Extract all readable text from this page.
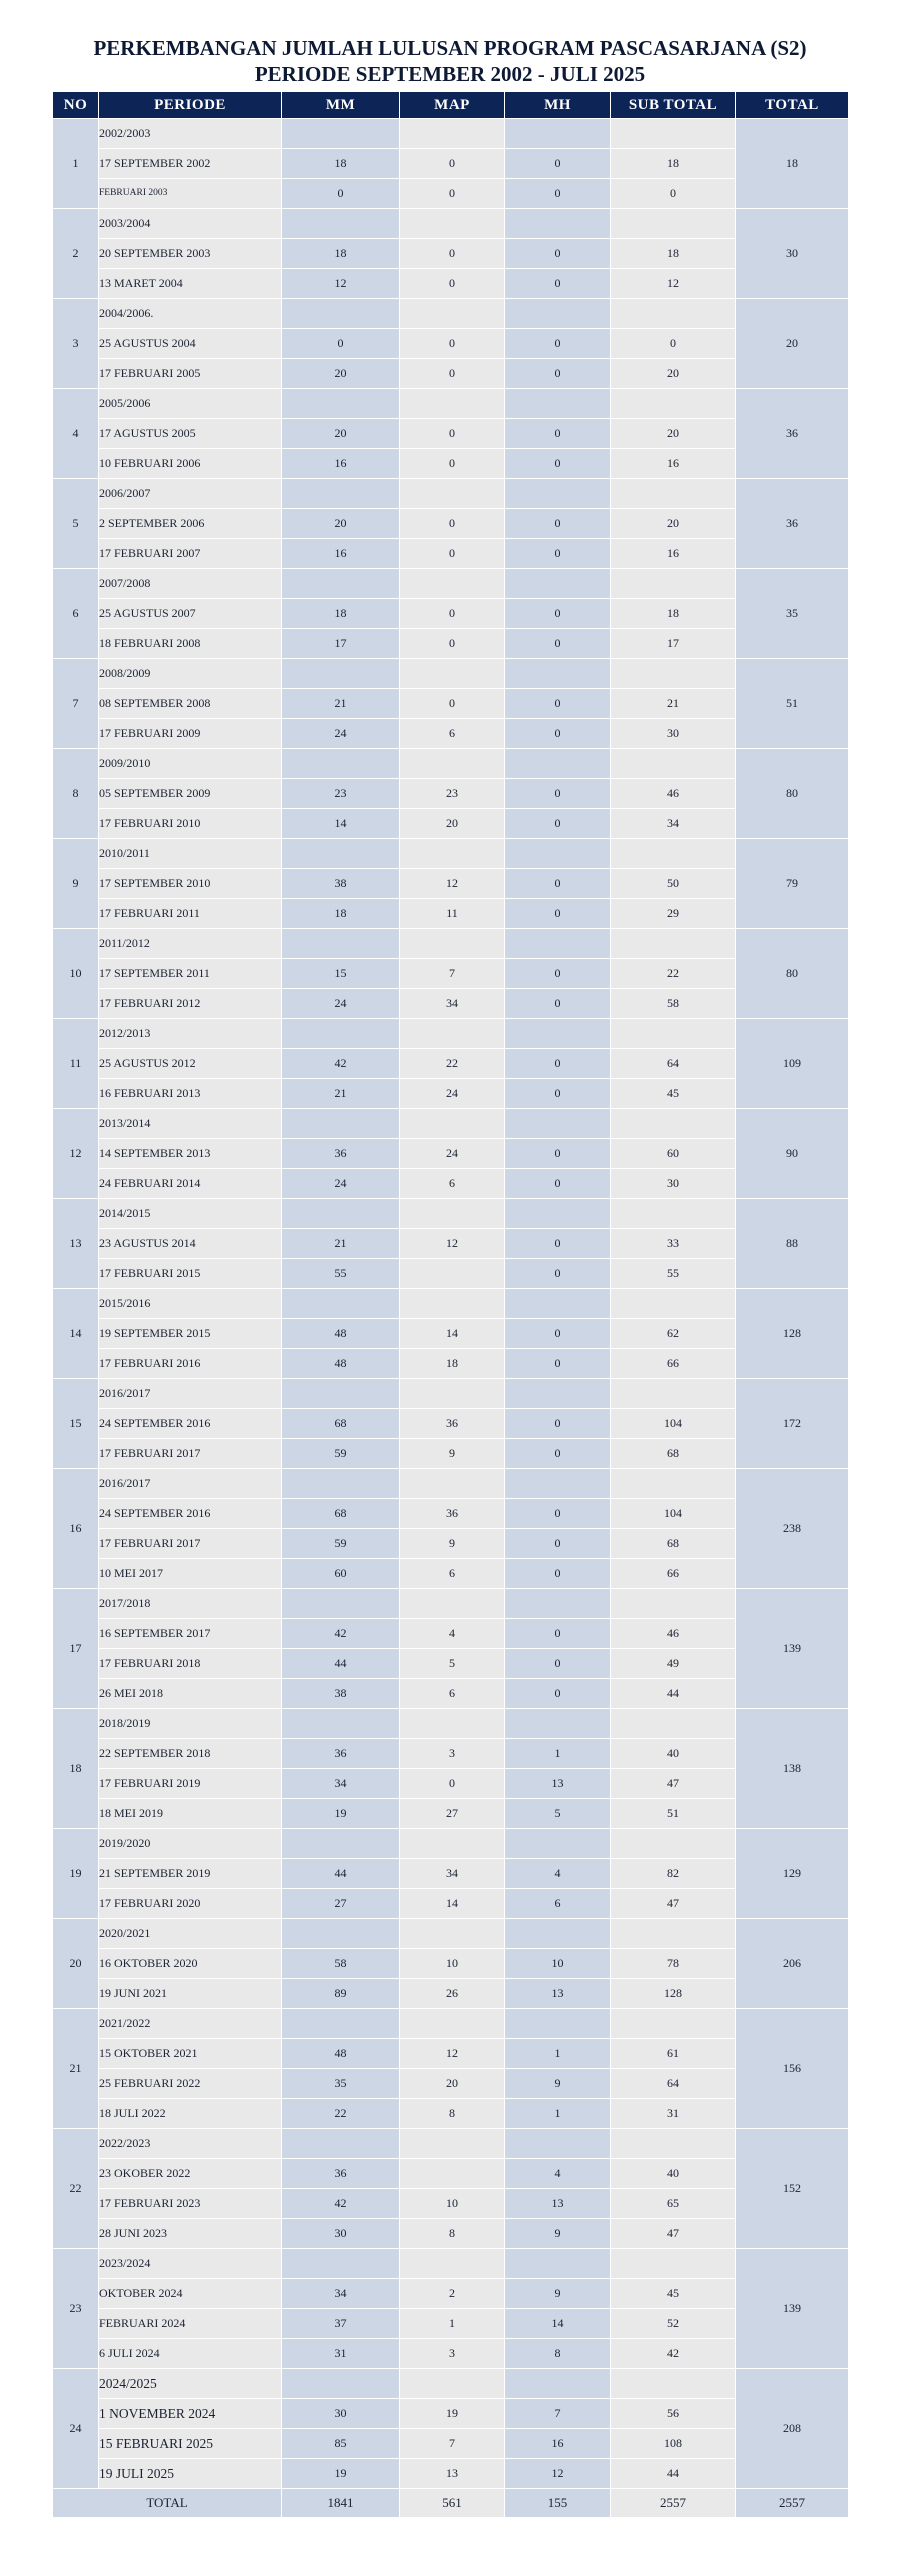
PERKEMBANGAN JUMLAH LULUSAN PROGRAM PASCASARJANA (S2)
PERIODE SEPTEMBER 2002 - JULI 2025
NO	PERIODE	MM	MAP	MH	SUB TOTAL	TOTAL
1	2002/2003					18
	17 SEPTEMBER 2002	18	0	0	18	
	FEBRUARI 2003	0	0	0	0	
2	2003/2004					30
	20 SEPTEMBER 2003	18	0	0	18	
	13 MARET 2004	12	0	0	12	
3	2004/2006.					20
	25 AGUSTUS 2004	0	0	0	0	
	17 FEBRUARI 2005	20	0	0	20	
4	2005/2006					36
	17 AGUSTUS 2005	20	0	0	20	
	10 FEBRUARI 2006	16	0	0	16	
5	2006/2007					36
	2 SEPTEMBER 2006	20	0	0	20	
	17 FEBRUARI 2007	16	0	0	16	
6	2007/2008					35
	25 AGUSTUS 2007	18	0	0	18	
	18 FEBRUARI 2008	17	0	0	17	
7	2008/2009					51
	08 SEPTEMBER 2008	21	0	0	21	
	17 FEBRUARI 2009	24	6	0	30	
8	2009/2010					80
	05 SEPTEMBER 2009	23	23	0	46	
	17 FEBRUARI 2010	14	20	0	34	
9	2010/2011					79
	17 SEPTEMBER 2010	38	12	0	50	
	17 FEBRUARI 2011	18	11	0	29	
10	2011/2012					80
	17 SEPTEMBER 2011	15	7	0	22	
	17 FEBRUARI 2012	24	34	0	58	
11	2012/2013					109
	25 AGUSTUS 2012	42	22	0	64	
	16 FEBRUARI 2013	21	24	0	45	
12	2013/2014					90
	14 SEPTEMBER 2013	36	24	0	60	
	24 FEBRUARI 2014	24	6	0	30	
13	2014/2015					88
	23 AGUSTUS 2014	21	12	0	33	
	17 FEBRUARI 2015	55		0	55	
14	2015/2016					128
	19 SEPTEMBER 2015	48	14	0	62	
	17 FEBRUARI 2016	48	18	0	66	
15	2016/2017					172
	24 SEPTEMBER 2016	68	36	0	104	
	17 FEBRUARI 2017	59	9	0	68	
16	2016/2017					238
	24 SEPTEMBER 2016	68	36	0	104	
	17 FEBRUARI 2017	59	9	0	68	
	10 MEI 2017	60	6	0	66	
17	2017/2018					139
	16 SEPTEMBER 2017	42	4	0	46	
	17 FEBRUARI 2018	44	5	0	49	
	26 MEI 2018	38	6	0	44	
18	2018/2019					138
	22 SEPTEMBER 2018	36	3	1	40	
	17 FEBRUARI 2019	34	0	13	47	
	18 MEI 2019	19	27	5	51	
19	2019/2020					129
	21 SEPTEMBER 2019	44	34	4	82	
	17 FEBRUARI 2020	27	14	6	47	
20	2020/2021					206
	16 OKTOBER 2020	58	10	10	78	
	19 JUNI 2021	89	26	13	128	
21	2021/2022					156
	15 OKTOBER 2021	48	12	1	61	
	25 FEBRUARI 2022	35	20	9	64	
	18 JULI 2022	22	8	1	31	
22	2022/2023					152
	23 OKOBER 2022	36		4	40	
	17 FEBRUARI 2023	42	10	13	65	
	28 JUNI 2023	30	8	9	47	
23	2023/2024					139
	OKTOBER 2024	34	2	9	45	
	FEBRUARI 2024	37	1	14	52	
	6 JULI 2024	31	3	8	42	
24	2024/2025					208
	1 NOVEMBER 2024	30	19	7	56	
	15 FEBRUARI 2025	85	7	16	108	
	19 JULI 2025	19	13	12	44	
TOTAL		1841	561	155	2557	2557
